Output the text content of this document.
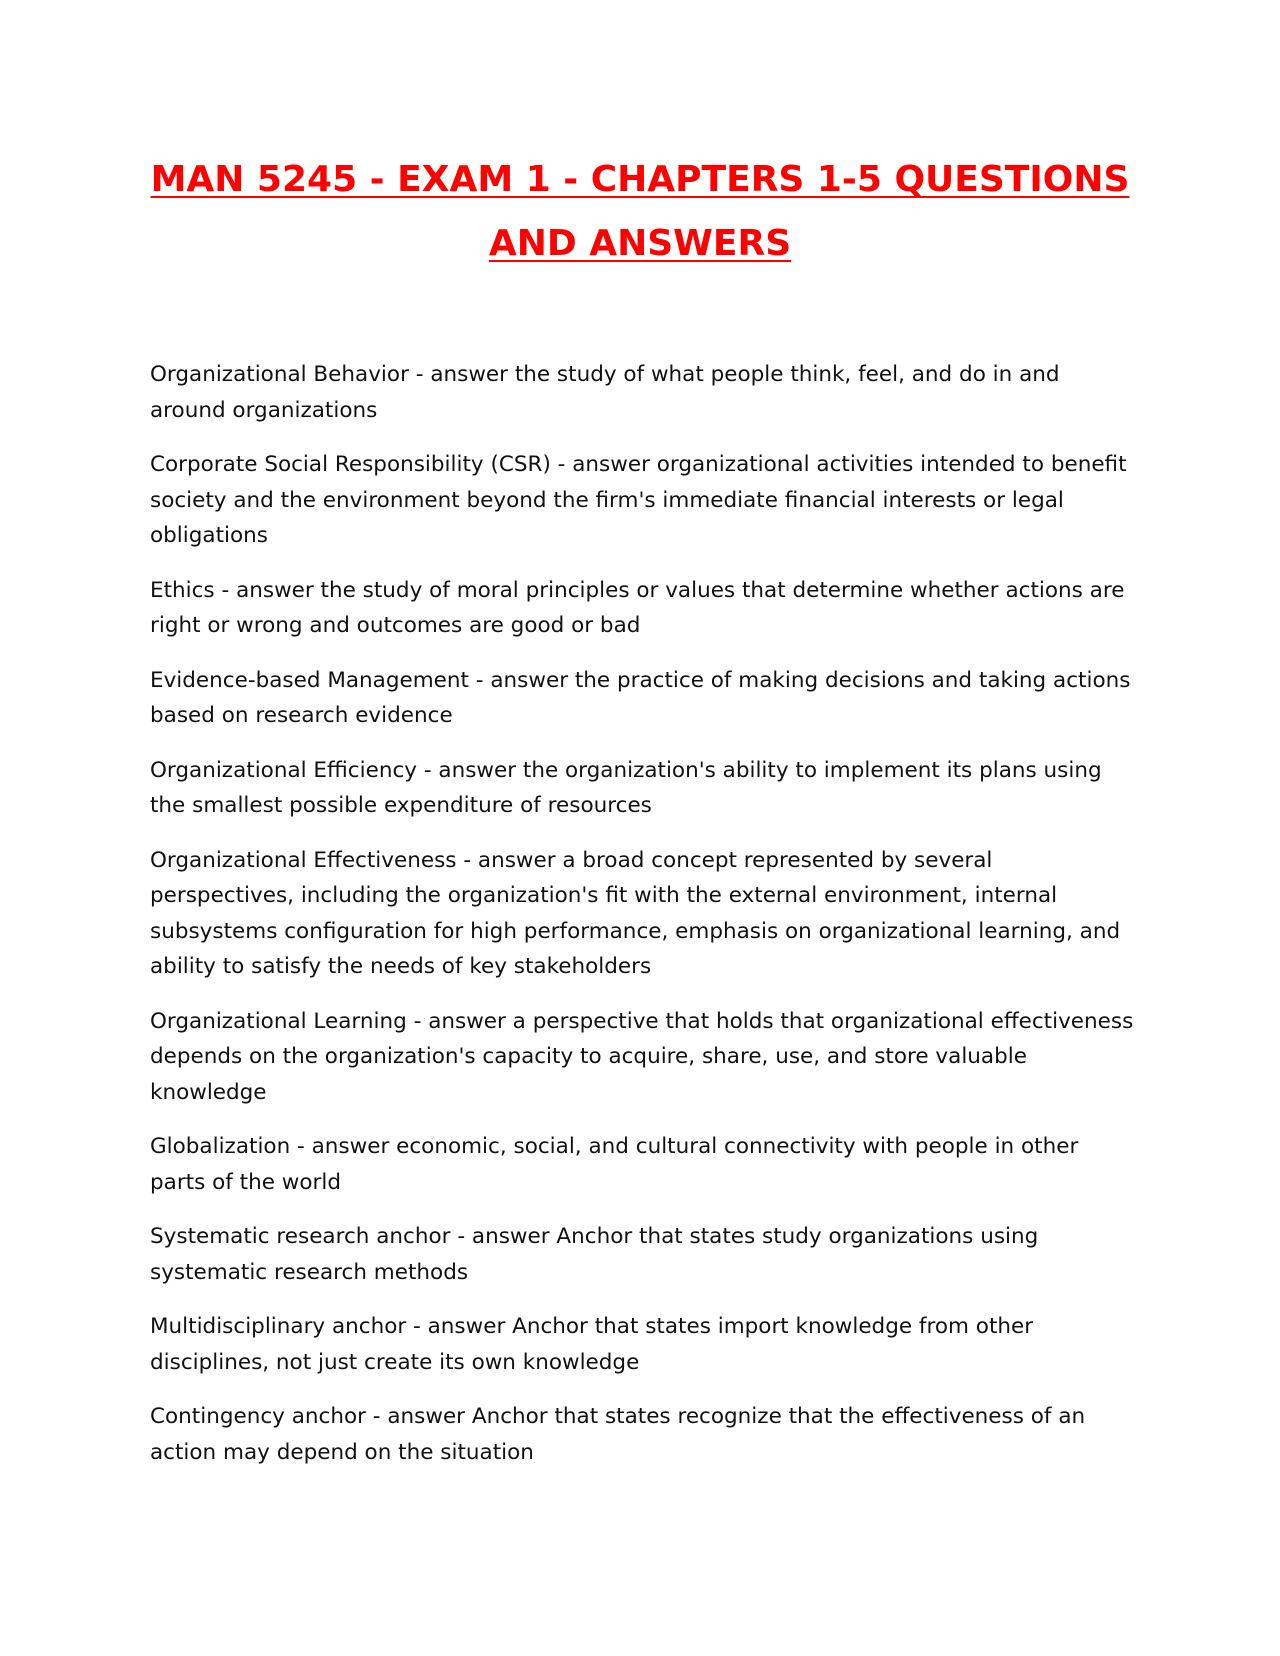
MAN 5245 - EXAM 1 - CHAPTERS 1-5 QUESTIONS AND ANSWERS

Organizational Behavior - answer the study of what people think, feel, and do in and around organizations

Corporate Social Responsibility (CSR) - answer organizational activities intended to benefit society and the environment beyond the firm's immediate financial interests or legal obligations

Ethics - answer the study of moral principles or values that determine whether actions are right or wrong and outcomes are good or bad

Evidence-based Management - answer the practice of making decisions and taking actions based on research evidence

Organizational Efficiency - answer the organization's ability to implement its plans using the smallest possible expenditure of resources

Organizational Effectiveness - answer a broad concept represented by several perspectives, including the organization's fit with the external environment, internal subsystems configuration for high performance, emphasis on organizational learning, and ability to satisfy the needs of key stakeholders

Organizational Learning - answer a perspective that holds that organizational effectiveness depends on the organization's capacity to acquire, share, use, and store valuable knowledge

Globalization - answer economic, social, and cultural connectivity with people in other parts of the world

Systematic research anchor - answer Anchor that states study organizations using systematic research methods

Multidisciplinary anchor - answer Anchor that states import knowledge from other disciplines, not just create its own knowledge

Contingency anchor - answer Anchor that states recognize that the effectiveness of an action may depend on the situation
